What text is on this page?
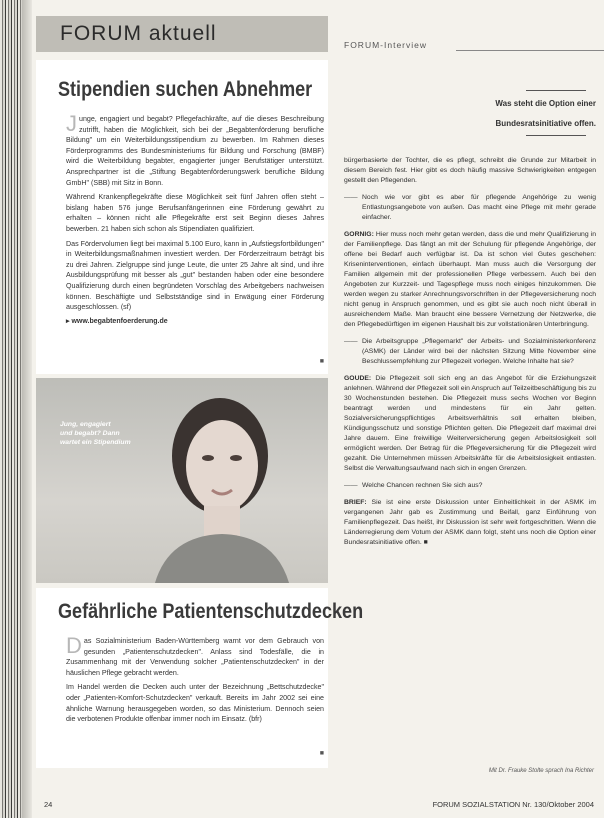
FORUM aktuell
Stipendien suchen Abnehmer

Junge, engagiert und begabt? Pflegefachkräfte, auf die dieses Beschreibung zutrifft, haben die Möglichkeit, sich bei der „Begabtenförderung berufliche Bildung" um ein Weiterbildungsstipendium zu bewerben. Im Rahmen dieses Förderprogramms des Bundesministeriums für Bildung und Forschung (BMBF) wird die Weiterbildung begabter, engagierter junger Berufstätiger unterstützt. Ansprechpartner ist die „Stiftung Begabtenförderungswerk berufliche Bildung GmbH" (SBB) mit Sitz in Bonn.

Während Krankenpflegekräfte diese Möglichkeit seit fünf Jahren offen steht – bislang haben 576 junge Berufsanfängerinnen eine Förderung gewährt zu erhalten – können nicht alle Pflegekräfte erst seit Beginn dieses Jahres bewerben. 21 haben sich schon als Stipendiaten qualifiziert.

Das Fördervolumen liegt bei maximal 5.100 Euro, kann in „Aufstiegsfortbildungen" in Weiterbildungsmaßnahmen investiert werden. Der Förderzeitraum beträgt bis zu drei Jahren. Zielgruppe sind junge Leute, die unter 25 Jahre alt sind, und ihre Ausbildungsprüfung mit besser als „gut" bestanden haben oder eine besondere Qualifizierung durch einen begründeten Vorschlag des Arbeitgebers nachweisen können. Beschäftigte und Selbstständige sind in Erwägung einer Förderung ausgeschlossen. (sf)

▸ www.begabtenfoerderung.de
■
Jung, engagiert
und begabt? Dann
wartet ein Stipendium
Gefährliche Patientenschutzdecken

Das Sozialministerium Baden-Württemberg warnt vor dem Gebrauch von gesunden „Patientenschutzdecken". Anlass sind Todesfälle, die in Zusammenhang mit der Verwendung solcher „Patientenschutzdecken" in der häuslichen Pflege gebracht werden.

Im Handel werden die Decken auch unter der Bezeichnung „Bettschutzdecke" oder „Patienten-Komfort-Schutzdecken" verkauft. Bereits im Jahr 2002 sei eine ähnliche Warnung herausgegeben worden, so das Ministerium. Dennoch seien die verbotenen Produkte offenbar immer noch im Einsatz. (bfr)

■
FORUM-Interview
Was steht die Option einer
Bundesratsinitiative offen.

bürgerbasierte der Tochter, die es pflegt, schreibt die Grunde zur Mitarbeit in diesem Bereich fest. Hier gibt es doch häufig massive Schwierigkeiten entgegen gestellt den Pflegenden.

—— Noch wie vor gibt es aber für pflegende Angehörige zu wenig Entlastungsangebote von außen. Das macht eine Pflege mit mehr gerade einfacher.

GORNIG: Hier muss noch mehr getan werden, dass die und mehr Qualifizierung in der Familienpflege. Das fängt an mit der Schulung für pflegende Angehörige, der offene bei Bedarf auch verfügbar ist. Da ist schon viel Gutes geschehen: Kriseninterventionen, einfach überhaupt. Man muss auch die Versorgung der Familien allgemein mit der professionellen Pflege verbessern. Auch bei den Angeboten zur Kurzzeit- und Tagespflege muss noch einiges hinzukommen. Die werden wegen zu starker Anrechnungsvorschriften in der Pflegeversicherung noch nicht genug in Anspruch genommen, und es gibt sie auch noch nicht überall in ausreichendem Maße. Man braucht eine bessere Vernetzung der Netzwerke, die den Pflegebedürftigen im eigenen Haushalt bis zur vollstationären Unterbringung.

—— Die Arbeitsgruppe „Pflegemarkt" der Arbeits- und Sozialministerkonferenz (ASMK) der Länder wird bei der nächsten Sitzung Mitte November eine Beschlussempfehlung zur Pflegezeit vorlegen. Welche Inhalte hat sie?

GOUDE: Die Pflegezeit soll sich eng an das Angebot für die Erziehungszeit anlehnen. Während der Pflegezeit soll ein Anspruch auf Teilzeitbeschäftigung bis zu 30 Wochenstunden bestehen. Die Pflegezeit muss sechs Wochen vor Beginn beantragt werden und mindestens für ein Jahr gelten. Sozialversicherungspflichtiges Arbeitsverhältnis soll erhalten bleiben, Kündigungsschutz und sonstige Pflichten gelten. Die Pflegezeit darf maximal drei Jahre dauern. Eine freiwillige Weiterversicherung gegen Arbeitslosigkeit soll ermöglicht werden. Der Betrag für die Pflegeversicherung für die Pflegezeit wird gezahlt. Die Unternehmen müssen Arbeitskräfte für die Arbeitslosigkeit entlasten. Selbst die Verwaltungsaufwand nach sich in engen Grenzen.

—— Welche Chancen rechnen Sie sich aus?

BRIEF: Sie ist eine erste Diskussion unter Einheitlichkeit in der ASMK im vergangenen Jahr gab es Zustimmung und Beifall, ganz Einführung von Familienpflegezeit. Das heißt, ihr Diskussion ist sehr weit fortgeschritten. Wenn die Länderregierung dem Votum der ASMK dann folgt, steht uns noch die Option einer Bundesratsinitiative offen. ■

Mit Dr. Frauke Stolte sprach Ina Richter
24	FORUM SOZIALSTATION Nr. 130/Oktober 2004
